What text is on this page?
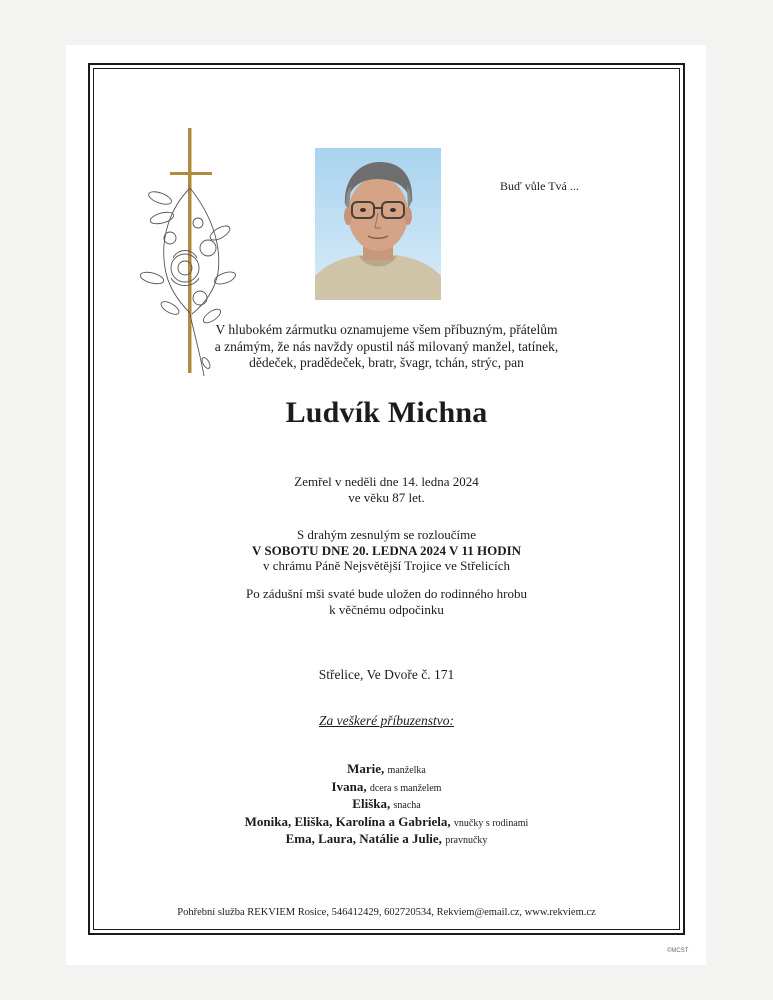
Buď vůle Tvá ...
V hlubokém zármutku oznamujeme všem příbuzným, přátelům
a známým, že nás navždy opustil náš milovaný manžel, tatínek,
dědeček, pradědeček, bratr, švagr, tchán, strýc, pan
Ludvík Michna
Zemřel v neděli dne 14. ledna 2024
ve věku 87 let.
S drahým zesnulým se rozloučíme
V SOBOTU DNE 20. LEDNA 2024 V 11 HODIN
v chrámu Páně Nejsvětější Trojice ve Střelicích
Po zádušní mši svaté bude uložen do rodinného hrobu
k věčnému odpočinku
Střelice, Ve Dvoře č. 171
Za veškeré příbuzenstvo:
Marie, manželka
Ivana, dcera s manželem
Eliška, snacha
Monika, Eliška, Karolína a Gabriela, vnučky s rodinami
Ema, Laura, Natálie a Julie, pravnučky
Pohřební služba REKVIEM Rosice, 546412429, 602720534, Rekviem@email.cz, www.rekviem.cz
©MCST
